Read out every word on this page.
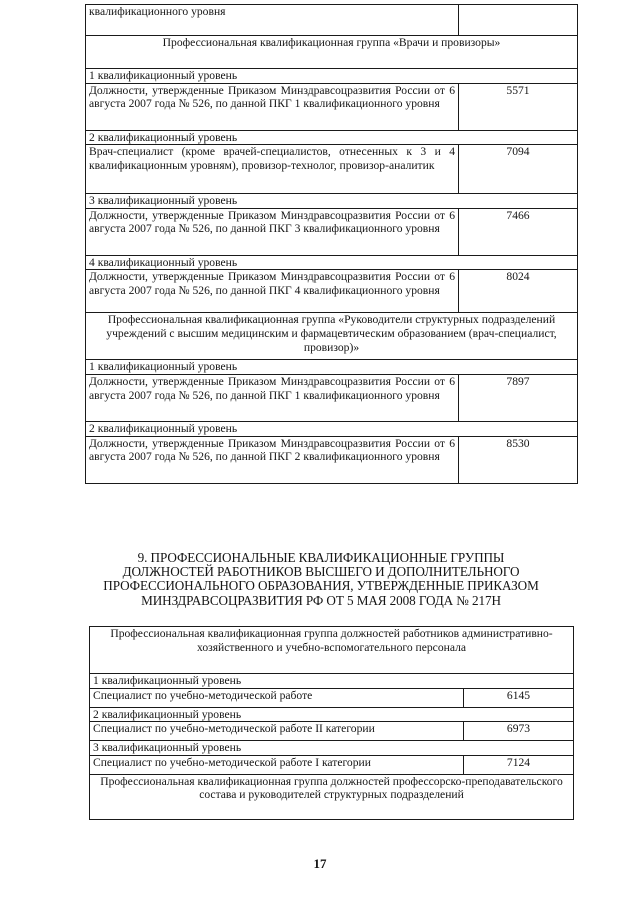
квалификационного уровня	
Профессиональная квалификационная группа «Врачи и провизоры»	
1 квалификационный уровень	
Должности, утвержденные Приказом Минздравсоцразвития России от 6 августа 2007 года № 526, по данной ПКГ 1 квалификационного уровня	5571
2 квалификационный уровень	
Врач-специалист (кроме врачей-специалистов, отнесенных к 3 и 4 квалификационным уровням), провизор-технолог, провизор-аналитик	7094
3 квалификационный уровень	
Должности, утвержденные Приказом Минздравсоцразвития России от 6 августа 2007 года № 526, по данной ПКГ 3 квалификационного уровня	7466
4 квалификационный уровень	
Должности, утвержденные Приказом Минздравсоцразвития России от 6 августа 2007 года № 526, по данной ПКГ 4 квалификационного уровня	8024
Профессиональная квалификационная группа «Руководители структурных подразделений учреждений с высшим медицинским и фармацевтическим образованием (врач-специалист, провизор)»	
1 квалификационный уровень	
Должности, утвержденные Приказом Минздравсоцразвития России от 6 августа 2007 года № 526, по данной ПКГ 1 квалификационного уровня	7897
2 квалификационный уровень	
Должности, утвержденные Приказом Минздравсоцразвития России от 6 августа 2007 года № 526, по данной ПКГ 2 квалификационного уровня	8530
9. ПРОФЕССИОНАЛЬНЫЕ КВАЛИФИКАЦИОННЫЕ ГРУППЫ ДОЛЖНОСТЕЙ РАБОТНИКОВ ВЫСШЕГО И ДОПОЛНИТЕЛЬНОГО ПРОФЕССИОНАЛЬНОГО ОБРАЗОВАНИЯ, УТВЕРЖДЕННЫЕ ПРИКАЗОМ МИНЗДРАВСОЦРАЗВИТИЯ РФ ОТ 5 МАЯ 2008 ГОДА № 217Н
Профессиональная квалификационная группа должностей работников административно-хозяйственного и учебно-вспомогательного персонала	
1 квалификационный уровень	
Специалист по учебно-методической работе	6145
2 квалификационный уровень	
Специалист по учебно-методической работе II категории	6973
3 квалификационный уровень	
Специалист по учебно-методической работе I категории	7124
Профессиональная квалификационная группа должностей профессорско-преподавательского состава и руководителей структурных подразделений	
17
